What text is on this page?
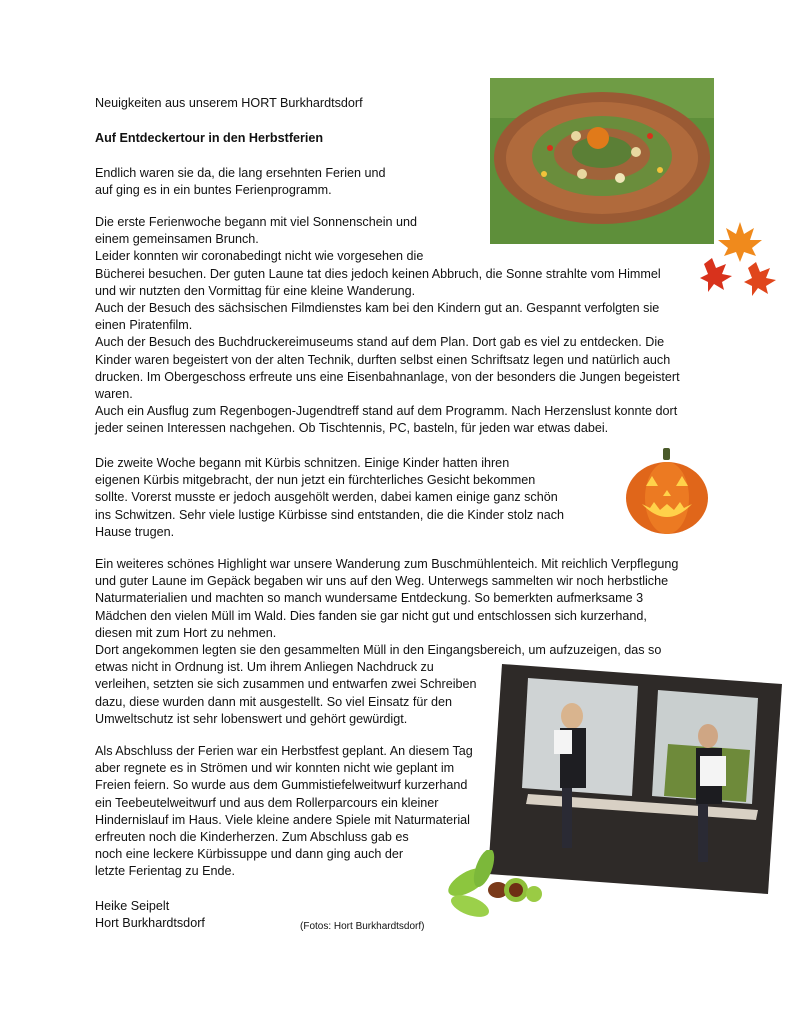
Neuigkeiten aus unserem HORT Burkhardtsdorf
Auf Entdeckertour in den Herbstferien
Endlich waren sie da, die lang ersehnten Ferien und
auf ging es in ein buntes Ferienprogramm.
Die erste Ferienwoche begann mit viel Sonnenschein und
einem gemeinsamen Brunch.
Leider konnten wir coronabedingt nicht wie vorgesehen die
Bücherei besuchen. Der guten Laune tat dies jedoch keinen Abbruch, die Sonne strahlte vom Himmel
und wir nutzten den Vormittag für eine kleine Wanderung.
Auch der Besuch des sächsischen Filmdienstes kam bei den Kindern gut an. Gespannt verfolgten sie
einen Piratenfilm.
Auch der Besuch des Buchdruckereimuseums stand auf dem Plan. Dort gab es viel zu entdecken. Die
Kinder waren begeistert von der alten Technik, durften selbst einen Schriftsatz legen und natürlich auch
drucken. Im Obergeschoss erfreute uns eine Eisenbahnanlage, von der besonders die Jungen begeistert
waren.
Auch ein Ausflug zum Regenbogen-Jugendtreff stand auf dem Programm. Nach Herzenslust konnte dort
jeder seinen Interessen nachgehen. Ob Tischtennis, PC, basteln, für jeden war etwas dabei.
Die zweite Woche begann mit Kürbis schnitzen. Einige Kinder hatten ihren
eigenen Kürbis mitgebracht, der nun jetzt ein fürchterliches Gesicht bekommen
sollte. Vorerst musste er jedoch ausgehölt werden, dabei kamen einige ganz schön
ins Schwitzen. Sehr viele lustige Kürbisse sind entstanden, die die Kinder stolz nach
Hause trugen.
Ein weiteres schönes Highlight war unsere Wanderung zum Buschmühlenteich. Mit reichlich Verpflegung
und guter Laune im Gepäck begaben wir uns auf den Weg. Unterwegs sammelten wir noch herbstliche
Naturmaterialien und machten so manch wundersame Entdeckung. So bemerkten aufmerksame 3
Mädchen den vielen Müll im Wald. Dies fanden sie gar nicht gut und entschlossen sich kurzerhand,
diesen mit zum Hort zu nehmen.
Dort angekommen legten sie den gesammelten Müll in den Eingangsbereich, um aufzuzeigen, das so
etwas nicht in Ordnung ist. Um ihrem Anliegen Nachdruck zu
verleihen, setzten sie sich zusammen und entwarfen zwei Schreiben
dazu, diese wurden dann mit ausgestellt. So viel Einsatz für den
Umweltschutz ist sehr lobenswert und gehört gewürdigt.
Als Abschluss der Ferien war ein Herbstfest geplant. An diesem Tag
aber regnete es in Strömen und wir konnten nicht wie geplant im
Freien feiern. So wurde aus dem Gummistiefelweitwurf kurzerhand
ein Teebeutelweitwurf und aus dem Rollerparcours ein kleiner
Hindernislauf im Haus. Viele kleine andere Spiele mit Naturmaterial
erfreuten noch die Kinderherzen. Zum Abschluss gab es
noch eine leckere Kürbissuppe und dann ging auch der
letzte Ferientag zu Ende.
Heike Seipelt
Hort Burkhardtsdorf	(Fotos: Hort Burkhardtsdorf)
